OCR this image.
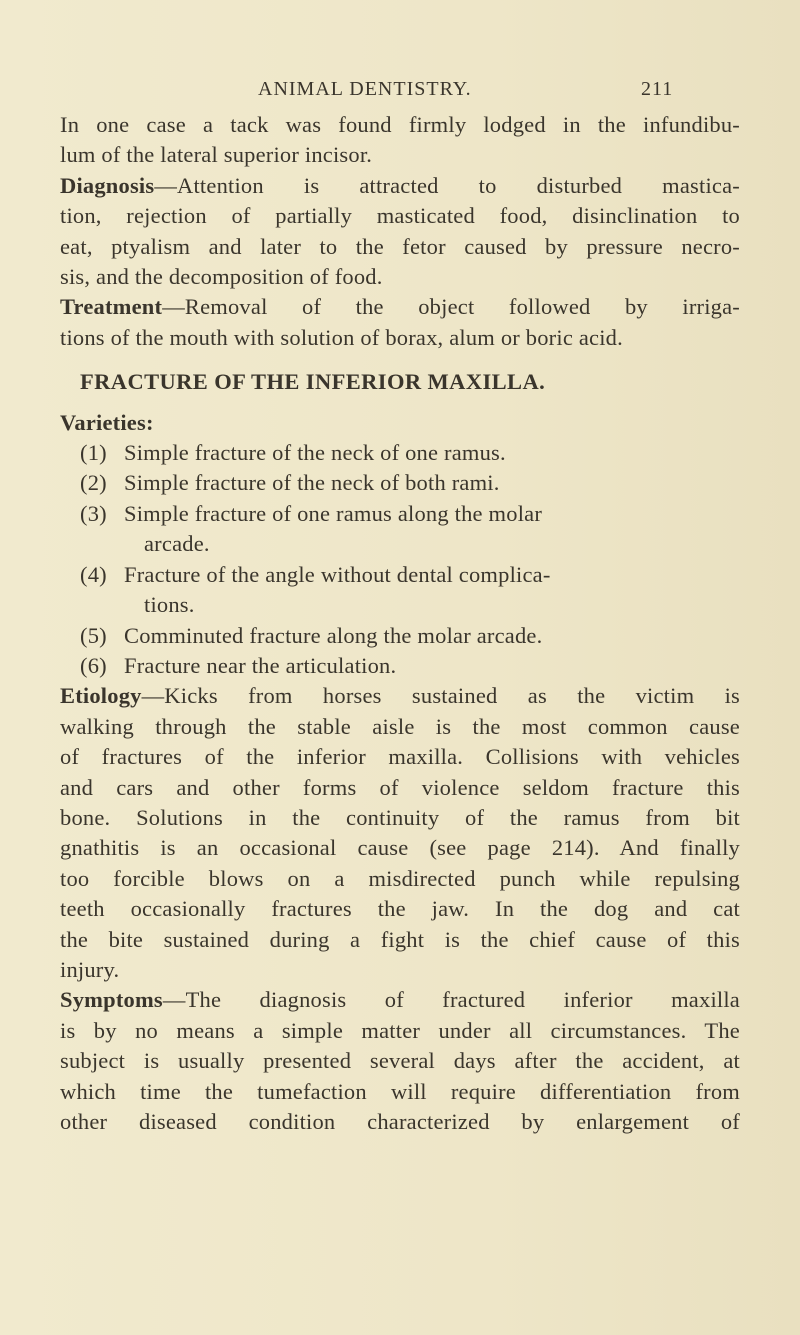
ANIMAL DENTISTRY.	211
In one case a tack was found firmly lodged in the infundibu-
lum of the lateral superior incisor.
Diagnosis—Attention is attracted to disturbed mastica-
tion, rejection of partially masticated food, disinclination to
eat, ptyalism and later to the fetor caused by pressure necro-
sis, and the decomposition of food.
Treatment—Removal of the object followed by irriga-
tions of the mouth with solution of borax, alum or boric acid.
FRACTURE OF THE INFERIOR MAXILLA.
Varieties:
(1) Simple fracture of the neck of one ramus.
(2) Simple fracture of the neck of both rami.
(3) Simple fracture of one ramus along the molar
arcade.
(4) Fracture of the angle without dental complica-
tions.
(5) Comminuted fracture along the molar arcade.
(6) Fracture near the articulation.
Etiology—Kicks from horses sustained as the victim is
walking through the stable aisle is the most common cause
of fractures of the inferior maxilla. Collisions with vehicles
and cars and other forms of violence seldom fracture this
bone. Solutions in the continuity of the ramus from bit
gnathitis is an occasional cause (see page 214). And finally
too forcible blows on a misdirected punch while repulsing
teeth occasionally fractures the jaw. In the dog and cat
the bite sustained during a fight is the chief cause of this
injury.
Symptoms—The diagnosis of fractured inferior maxilla
is by no means a simple matter under all circumstances. The
subject is usually presented several days after the accident, at
which time the tumefaction will require differentiation from
other diseased condition characterized by enlargement of
